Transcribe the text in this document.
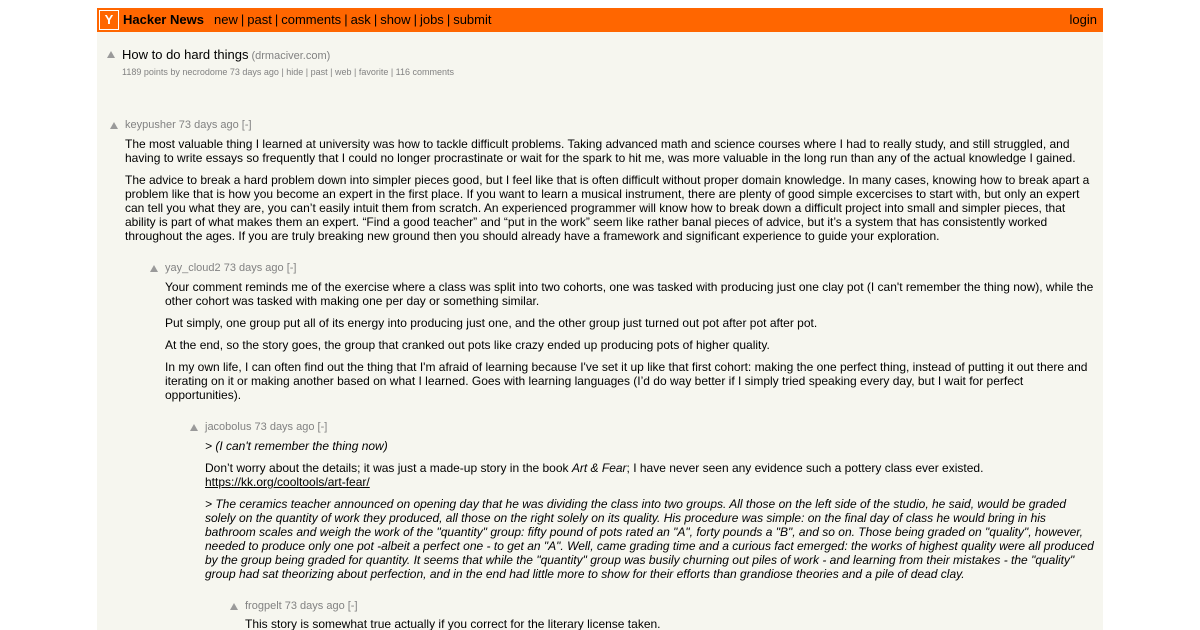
Y Hacker News new | past | comments | ask | show | jobs | submit	login
How to do hard things (drmaciver.com)
1189 points by necrodome 73 days ago | hide | past | web | favorite | 116 comments
keypusher 73 days ago [-]

The most valuable thing I learned at university was how to tackle difficult problems. Taking advanced math and science courses where I had to really study, and still struggled, and having to write essays so frequently that I could no longer procrastinate or wait for the spark to hit me, was more valuable in the long run than any of the actual knowledge I gained.

The advice to break a hard problem down into simpler pieces good, but I feel like that is often difficult without proper domain knowledge. In many cases, knowing how to break apart a problem like that is how you become an expert in the first place. If you want to learn a musical instrument, there are plenty of good simple excercises to start with, but only an expert can tell you what they are, you can’t easily intuit them from scratch. An experienced programmer will know how to break down a difficult project into small and simpler pieces, that ability is part of what makes them an expert. “Find a good teacher” and “put in the work” seem like rather banal pieces of advice, but it’s a system that has consistently worked throughout the ages. If you are truly breaking new ground then you should already have a framework and significant experience to guide your exploration.

yay_cloud2 73 days ago [-]

Your comment reminds me of the exercise where a class was split into two cohorts, one was tasked with producing just one clay pot (I can't remember the thing now), while the other cohort was tasked with making one per day or something similar.

Put simply, one group put all of its energy into producing just one, and the other group just turned out pot after pot after pot.

At the end, so the story goes, the group that cranked out pots like crazy ended up producing pots of higher quality.

In my own life, I can often find out the thing that I'm afraid of learning because I've set it up like that first cohort: making the one perfect thing, instead of putting it out there and iterating on it or making another based on what I learned. Goes with learning languages (I’d do way better if I simply tried speaking every day, but I wait for perfect opportunities).

jacobolus 73 days ago [-]

> (I can't remember the thing now)

Don’t worry about the details; it was just a made-up story in the book Art & Fear; I have never seen any evidence such a pottery class ever existed.
https://kk.org/cooltools/art-fear/

> The ceramics teacher announced on opening day that he was dividing the class into two groups. All those on the left side of the studio, he said, would be graded solely on the quantity of work they produced, all those on the right solely on its quality. His procedure was simple: on the final day of class he would bring in his bathroom scales and weigh the work of the "quantity" group: fifty pound of pots rated an "A", forty pounds a "B", and so on. Those being graded on "quality", however, needed to produce only one pot -albeit a perfect one - to get an "A". Well, came grading time and a curious fact emerged: the works of highest quality were all produced by the group being graded for quantity. It seems that while the "quantity" group was busily churning out piles of work - and learning from their mistakes - the "quality" group had sat theorizing about perfection, and in the end had little more to show for their efforts than grandiose theories and a pile of dead clay.

frogpelt 73 days ago [-]

This story is somewhat true actually if you correct for the literary license taken.
